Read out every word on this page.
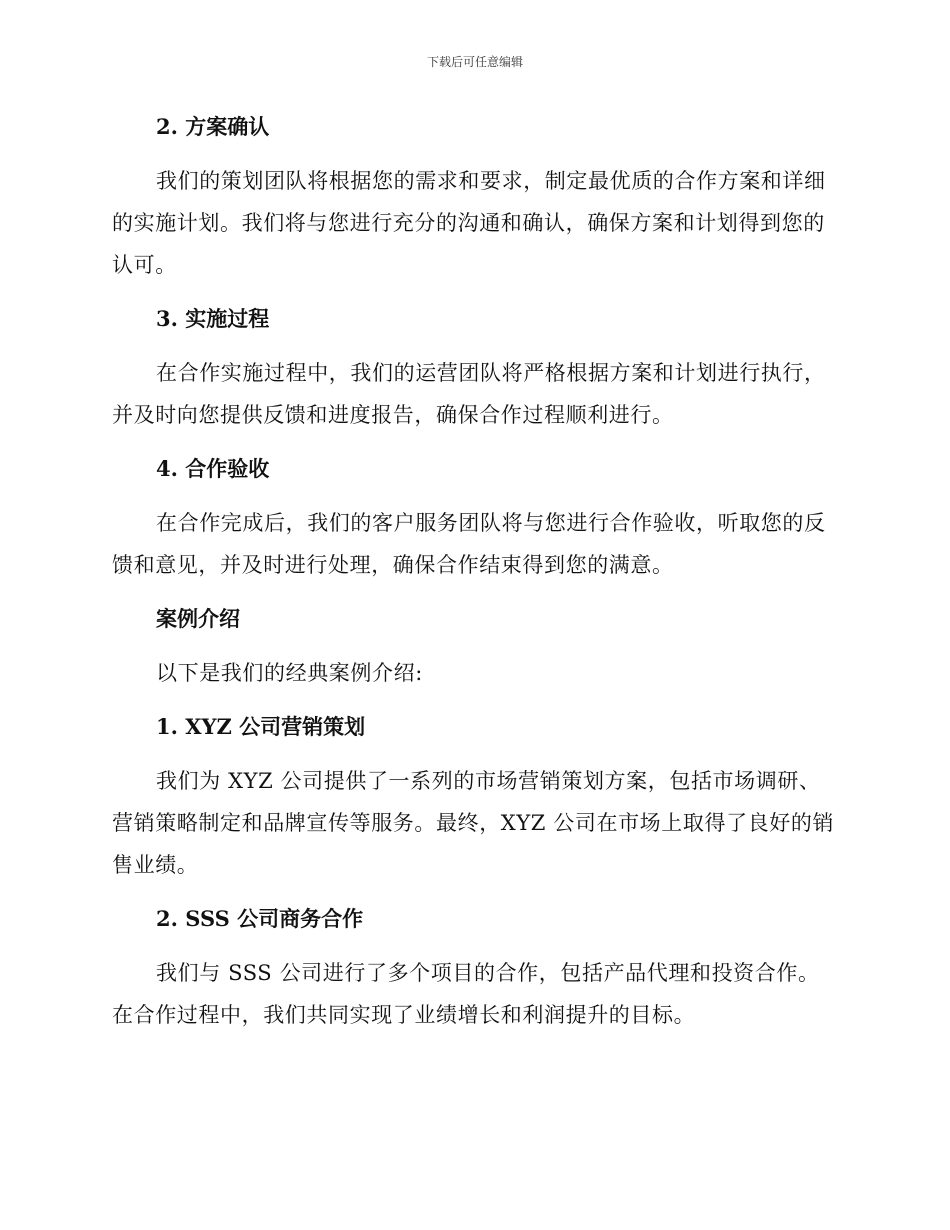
下载后可任意编辑
2. 方案确认

我们的策划团队将根据您的需求和要求，制定最优质的合作方案和详细的实施计划。我们将与您进行充分的沟通和确认，确保方案和计划得到您的认可。

3. 实施过程

在合作实施过程中，我们的运营团队将严格根据方案和计划进行执行，并及时向您提供反馈和进度报告，确保合作过程顺利进行。

4. 合作验收

在合作完成后，我们的客户服务团队将与您进行合作验收，听取您的反馈和意见，并及时进行处理，确保合作结束得到您的满意。

案例介绍

以下是我们的经典案例介绍:

1. XYZ 公司营销策划

我们为 XYZ 公司提供了一系列的市场营销策划方案，包括市场调研、营销策略制定和品牌宣传等服务。最终，XYZ 公司在市场上取得了良好的销售业绩。

2. SSS 公司商务合作

我们与 SSS 公司进行了多个项目的合作，包括产品代理和投资合作。在合作过程中，我们共同实现了业绩增长和利润提升的目标。
